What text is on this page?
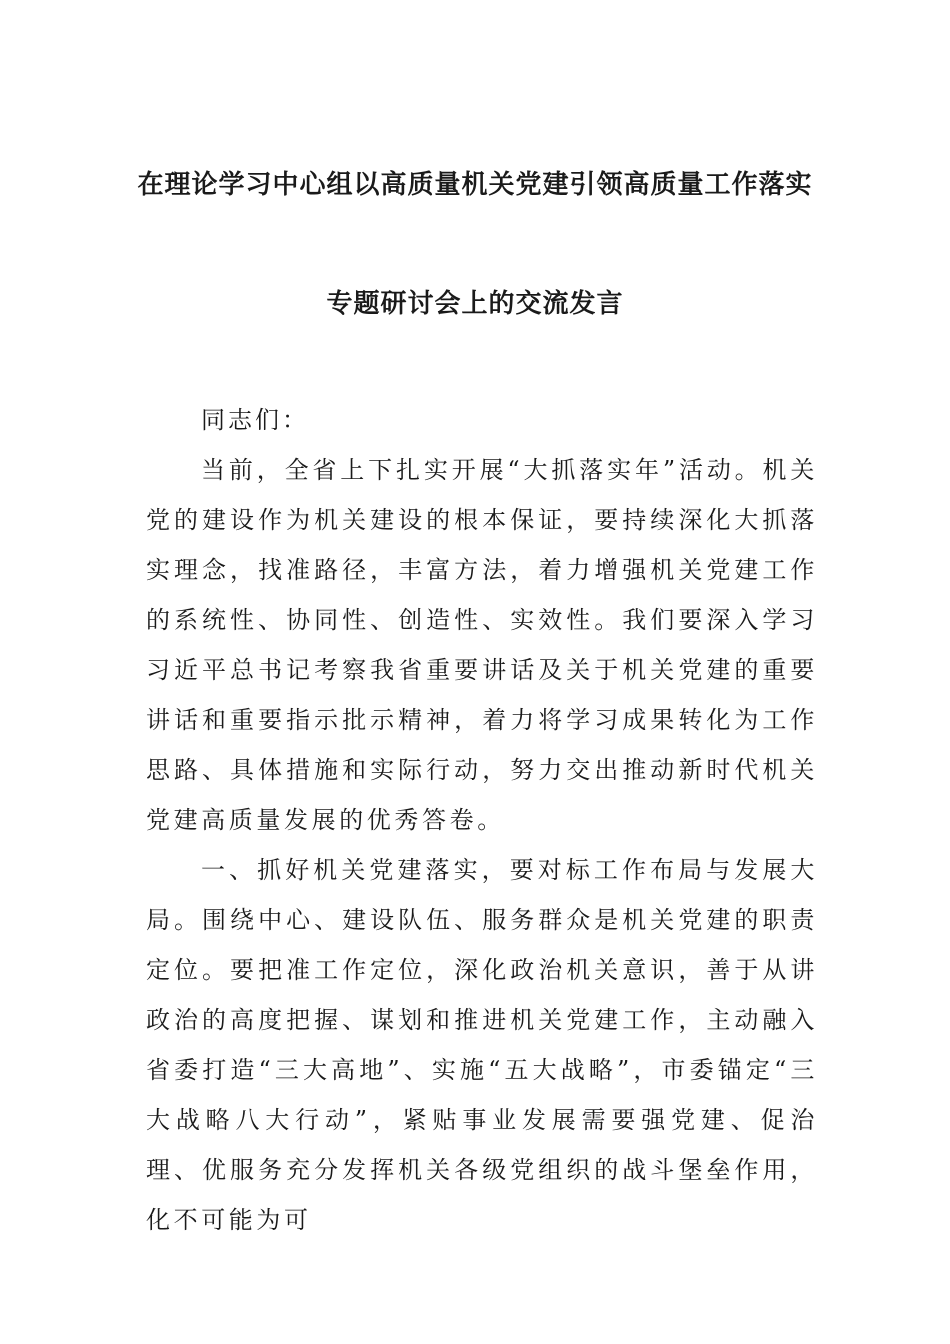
在理论学习中心组以高质量机关党建引领高质量工作落实
专题研讨会上的交流发言

同志们：

当前，全省上下扎实开展“大抓落实年”活动。机关党的建设作为机关建设的根本保证，要持续深化大抓落实理念，找准路径，丰富方法，着力增强机关党建工作的系统性、协同性、创造性、实效性。我们要深入学习习近平总书记考察我省重要讲话及关于机关党建的重要讲话和重要指示批示精神，着力将学习成果转化为工作思路、具体措施和实际行动，努力交出推动新时代机关党建高质量发展的优秀答卷。

一、抓好机关党建落实，要对标工作布局与发展大局。围绕中心、建设队伍、服务群众是机关党建的职责定位。要把准工作定位，深化政治机关意识，善于从讲政治的高度把握、谋划和推进机关党建工作，主动融入省委打造“三大高地”、实施“五大战略”，市委锚定“三大战略八大行动”，紧贴事业发展需要强党建、促治理、优服务充分发挥机关各级党组织的战斗堡垒作用，化不可能为可
